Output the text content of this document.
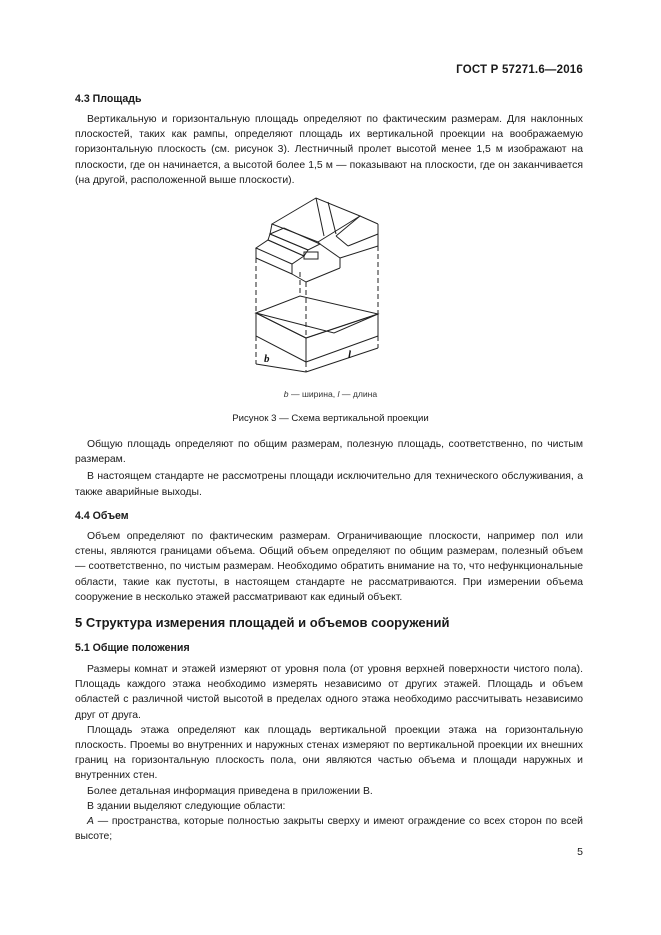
ГОСТ Р 57271.6—2016

4.3 Площадь

Вертикальную и горизонтальную площадь определяют по фактическим размерам. Для наклонных плоскостей, таких как рампы, определяют площадь их вертикальной проекции на воображаемую горизонтальную плоскость (см. рисунок 3). Лестничный пролет высотой менее 1,5 м изображают на плоскости, где он начинается, а высотой более 1,5 м — показывают на плоскости, где он заканчивается (на другой, расположенной выше плоскости).

b	l
b — ширина, l — длина
Рисунок 3 — Схема вертикальной проекции

Общую площадь определяют по общим размерам, полезную площадь, соответственно, по чистым размерам.

В настоящем стандарте не рассмотрены площади исключительно для технического обслуживания, а также аварийные выходы.

4.4 Объем

Объем определяют по фактическим размерам. Ограничивающие плоскости, например пол или стены, являются границами объема. Общий объем определяют по общим размерам, полезный объем — соответственно, по чистым размерам. Необходимо обратить внимание на то, что нефункциональные области, такие как пустоты, в настоящем стандарте не рассматриваются. При измерении объема сооружение в несколько этажей рассматривают как единый объект.

5 Структура измерения площадей и объемов сооружений

5.1 Общие положения

Размеры комнат и этажей измеряют от уровня пола (от уровня верхней поверхности чистого пола). Площадь каждого этажа необходимо измерять независимо от других этажей. Площадь и объем областей с различной чистой высотой в пределах одного этажа необходимо рассчитывать независимо друг от друга.

Площадь этажа определяют как площадь вертикальной проекции этажа на горизонтальную плоскость. Проемы во внутренних и наружных стенах измеряют по вертикальной проекции их внешних границ на горизонтальную плоскость пола, они являются частью объема и площади наружных и внутренних стен.

Более детальная информация приведена в приложении В.

В здании выделяют следующие области:

А — пространства, которые полностью закрыты сверху и имеют ограждение со всех сторон по всей высоте;

5
